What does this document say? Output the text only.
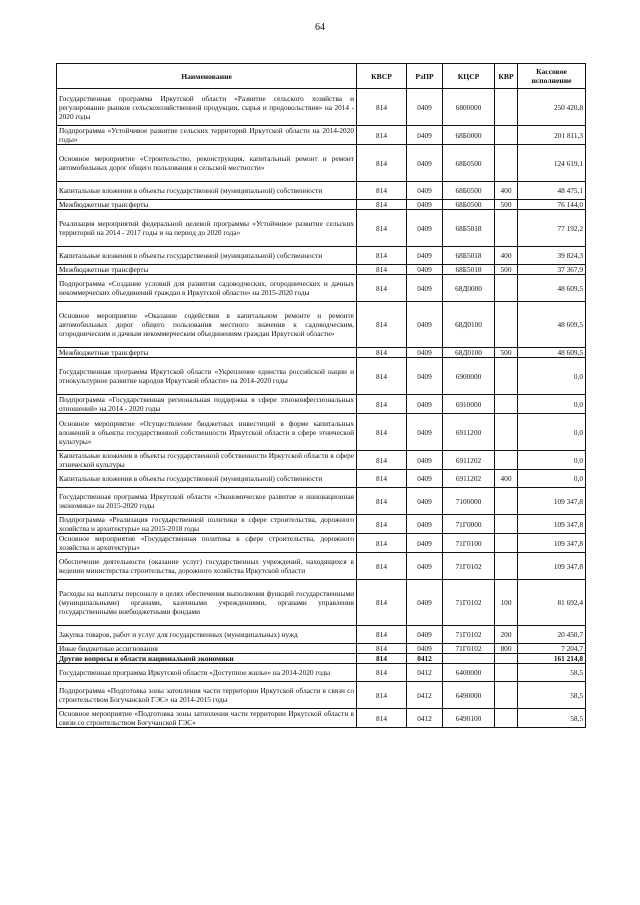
64
Наименование	КВСР	РзПР	КЦСР	КВР	Кассовое исполнение
Государственная программа Иркутской области «Развитие сельского хозяйства и регулирование рынков сельскохозяйственной продукции, сырья и продовольствия» на 2014 - 2020 годы	814	0409	6800000		250 420,8
Подпрограмма «Устойчивое развитие сельских территорий Иркутской области на 2014-2020 годы»	814	0409	68Б0000		201 811,3
Основное мероприятие «Строительство, реконструкция, капитальный ремонт и ремонт автомобильных дорог общего пользования в сельской местности»	814	0409	68Б0500		124 619,1
Капитальные вложения в объекты государственной (муниципальной) собственности	814	0409	68Б0500	400	48 475,1
Межбюджетные трансферты	814	0409	68Б0500	500	76 144,0
Реализация мероприятий федеральной целевой программы «Устойчивое развитие сельских территорий на 2014 - 2017 годы и на период до 2020 года»	814	0409	68Б5018		77 192,2
Капитальные вложения в объекты государственной (муниципальной) собственности	814	0409	68Б5018	400	39 824,3
Межбюджетные трансферты	814	0409	68Б5018	500	37 367,9
Подпрограмма «Создание условий для развития садоводческих, огороднических и дачных некоммерческих объединений граждан в Иркутской области» на 2015-2020 годы	814	0409	68Д0000		48 609,5
Основное мероприятие «Оказание содействия в капитальном ремонте и ремонте автомобильных дорог общего пользования местного значения к садоводческим, огородническим и дачным некоммерческим объединениям граждан Иркутской области»	814	0409	68Д0100		48 609,5
Межбюджетные трансферты	814	0409	68Д0100	500	48 609,5
Государственная программа Иркутской области «Укрепление единства российской нации и этнокультурное развитие народов Иркутской области» на 2014-2020 годы	814	0409	6900000		0,0
Подпрограмма «Государственная региональная поддержка в сфере этноконфессиональных отношений» на 2014 - 2020 годы	814	0409	6910000		0,0
Основное мероприятие «Осуществление бюджетных инвестиций в форме капитальных вложений в объекты государственной собственности Иркутской области в сфере этнической культуры»	814	0409	6911200		0,0
Капитальные вложения в объекты государственной собственности Иркутской области в сфере этнической культуры	814	0409	6911202		0,0
Капитальные вложения в объекты государственной (муниципальной) собственности	814	0409	6911202	400	0,0
Государственная программа Иркутской области «Экономическое развитие и инновационная экономика» на 2015-2020 годы	814	0409	7100000		109 347,8
Подпрограмма «Реализация государственной политики в сфере строительства, дорожного хозяйства и архитектуры» на 2015-2018 годы	814	0409	71Г0000		109 347,8
Основное мероприятие «Государственная политика в сфере строительства, дорожного хозяйства и архитектуры»	814	0409	71Г0100		109 347,8
Обеспечение деятельности (оказание услуг) государственных учреждений, находящихся в ведении министерства строительства, дорожного хозяйства Иркутской области	814	0409	71Г0102		109 347,8
Расходы на выплаты персоналу в целях обеспечения выполнения функций государственными (муниципальными) органами, казенными учреждениями, органами управления государственными внебюджетными фондами	814	0409	71Г0102	100	81 692,4
Закупка товаров, работ и услуг для государственных (муниципальных) нужд	814	0409	71Г0102	200	20 450,7
Иные бюджетные ассигнования	814	0409	71Г0102	800	7 204,7
Другие вопросы в области национальной экономики	814	0412			161 214,8
Государственная программа Иркутской области «Доступное жилье» на 2014-2020 годы	814	0412	6400000		58,5
Подпрограмма «Подготовка зоны затопления части территории Иркутской области в связи со строительством Богучанской ГЭС» на 2014-2015 годы	814	0412	6490000		58,5
Основное мероприятие «Подготовка зоны затопления части территории Иркутской области в связи со строительством Богучанской ГЭС»	814	0412	6490100		58,5
